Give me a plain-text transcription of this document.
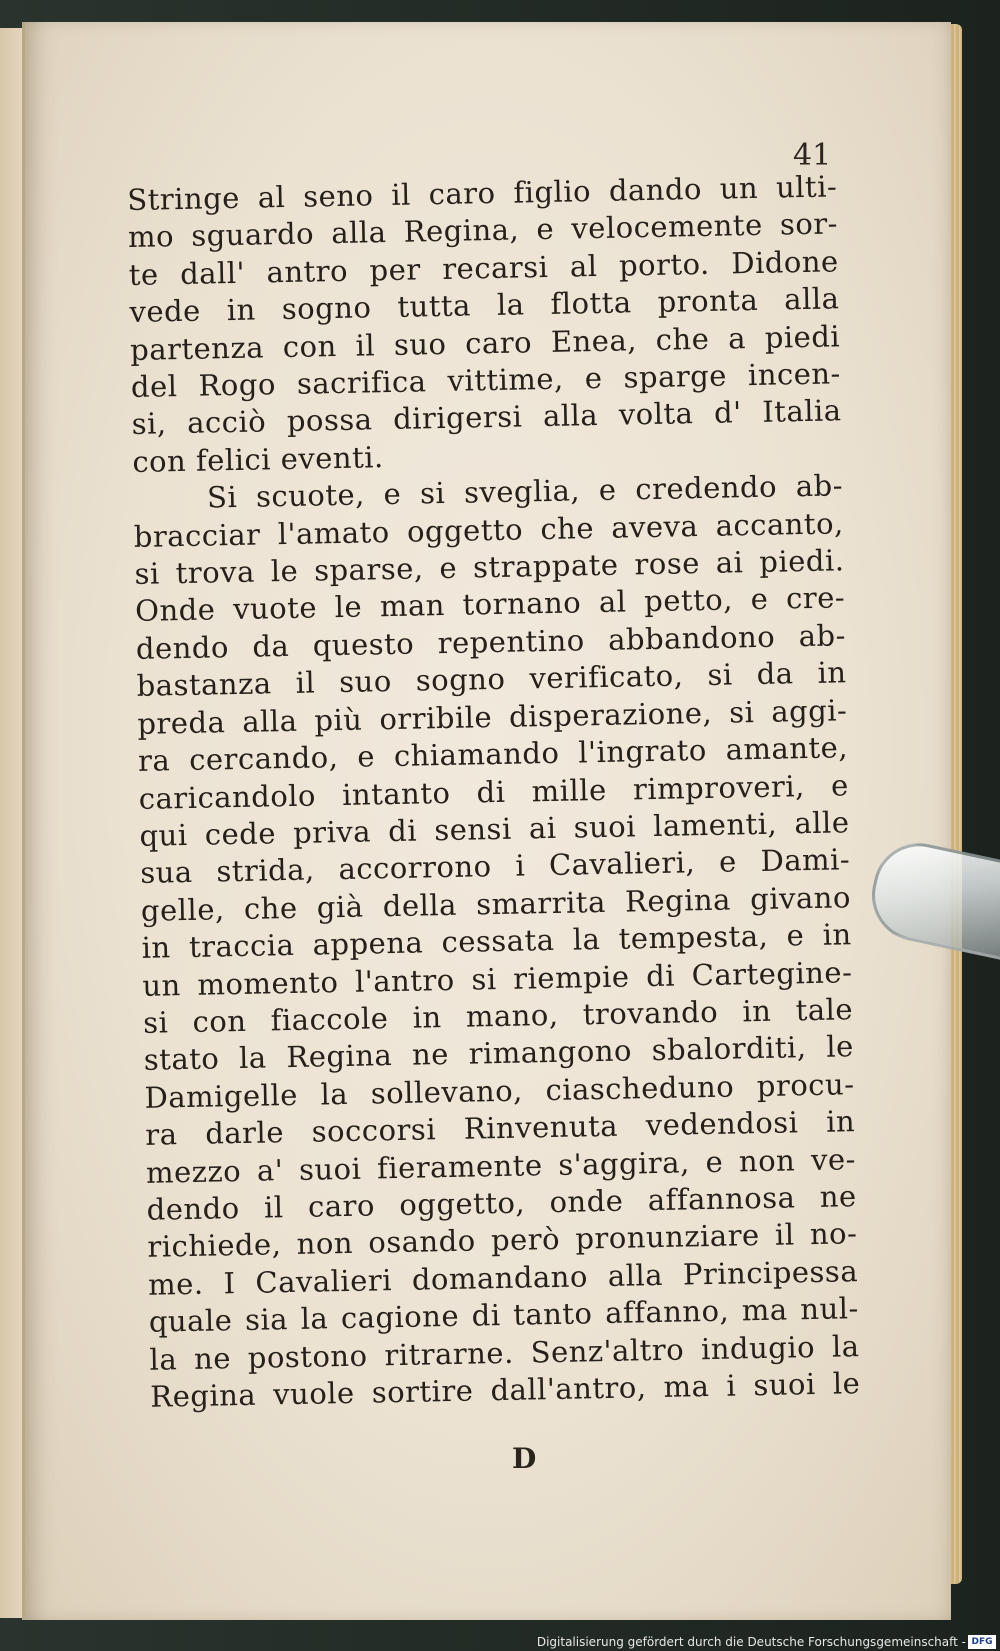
41
Stringe al seno il caro figlio dando un ulti-
mo sguardo alla Regina, e velocemente sor-
te dall' antro per recarsi al porto. Didone
vede in sogno tutta la flotta pronta alla
partenza con il suo caro Enea, che a piedi
del Rogo sacrifica vittime, e sparge incen-
si, acciò possa dirigersi alla volta d' Italia
con felici eventi.
Si scuote, e si sveglia, e credendo ab-
bracciar l'amato oggetto che aveva accanto,
si trova le sparse, e strappate rose ai piedi.
Onde vuote le man tornano al petto, e cre-
dendo da questo repentino abbandono ab-
bastanza il suo sogno verificato, si da in
preda alla più orribile disperazione, si aggi-
ra cercando, e chiamando l'ingrato amante,
caricandolo intanto di mille rimproveri, e
qui cede priva di sensi ai suoi lamenti, alle
sua strida, accorrono i Cavalieri, e Dami-
gelle, che già della smarrita Regina givano
in traccia appena cessata la tempesta, e in
un momento l'antro si riempie di Cartegine-
si con fiaccole in mano, trovando in tale
stato la Regina ne rimangono sbalorditi, le
Damigelle la sollevano, ciascheduno procu-
ra darle soccorsi Rinvenuta vedendosi in
mezzo a' suoi fieramente s'aggira, e non ve-
dendo il caro oggetto, onde affannosa ne
richiede, non osando però pronunziare il no-
me. I Cavalieri domandano alla Principessa
quale sia la cagione di tanto affanno, ma nul-
la ne postono ritrarne. Senz'altro indugio la
Regina vuole sortire dall'antro, ma i suoi le
D
Digitalisierung gefördert durch die Deutsche Forschungsgemeinschaft - DFG
